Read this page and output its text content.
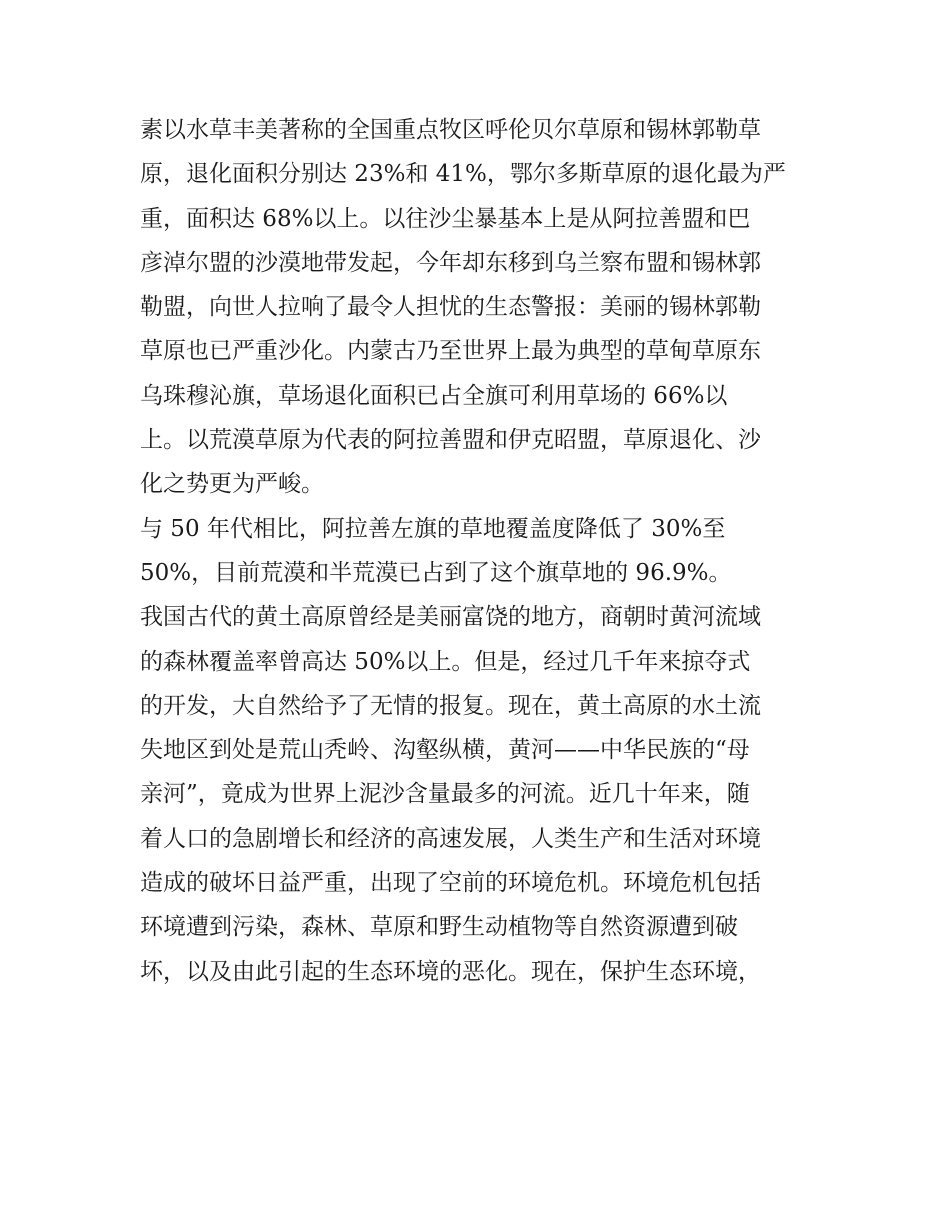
素以水草丰美著称的全国重点牧区呼伦贝尔草原和锡林郭勒草
原，退化面积分别达 23%和 41%，鄂尔多斯草原的退化最为严
重，面积达 68%以上。以往沙尘暴基本上是从阿拉善盟和巴
彦淖尔盟的沙漠地带发起，今年却东移到乌兰察布盟和锡林郭
勒盟，向世人拉响了最令人担忧的生态警报：美丽的锡林郭勒
草原也已严重沙化。内蒙古乃至世界上最为典型的草甸草原东
乌珠穆沁旗，草场退化面积已占全旗可利用草场的 66%以
上。以荒漠草原为代表的阿拉善盟和伊克昭盟，草原退化、沙
化之势更为严峻。
与 50 年代相比，阿拉善左旗的草地覆盖度降低了 30%至
50%，目前荒漠和半荒漠已占到了这个旗草地的 96.9%。
我国古代的黄土高原曾经是美丽富饶的地方，商朝时黄河流域
的森林覆盖率曾高达 50%以上。但是，经过几千年来掠夺式
的开发，大自然给予了无情的报复。现在，黄土高原的水土流
失地区到处是荒山秃岭、沟壑纵横，黄河——中华民族的“母
亲河”，竟成为世界上泥沙含量最多的河流。近几十年来，随
着人口的急剧增长和经济的高速发展，人类生产和生活对环境
造成的破坏日益严重，出现了空前的环境危机。环境危机包括
环境遭到污染，森林、草原和野生动植物等自然资源遭到破
坏，以及由此引起的生态环境的恶化。现在，保护生态环境，
